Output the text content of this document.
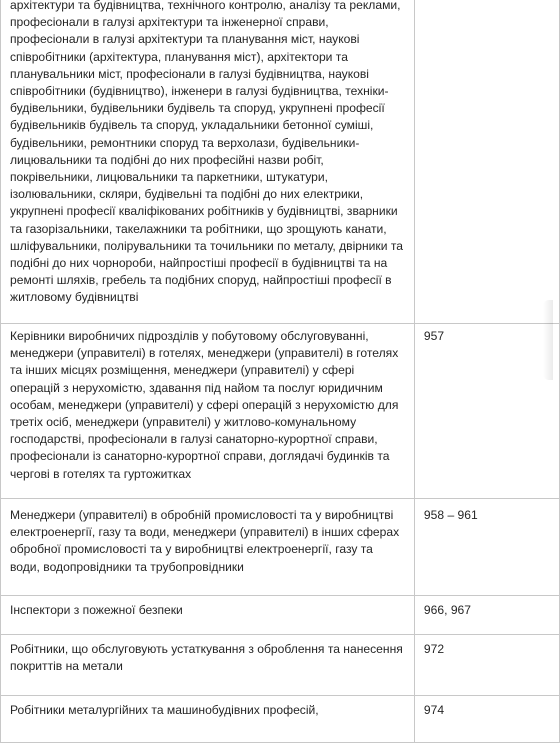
архітектури та будівництва, технічного контролю, аналізу та реклами, професіонали в галузі архітектури та інженерної справи, професіонали в галузі архітектури та планування міст, наукові співробітники (архітектура, планування міст), архітектори та планувальники міст, професіонали в галузі будівництва, наукові співробітники (будівництво), інженери в галузі будівництва, техніки-будівельники, будівельники будівель та споруд, укрупнені професії будівельників будівель та споруд, укладальники бетонної суміші, будівельники, ремонтники споруд та верхолази, будівельники-лицювальники та подібні до них професійні назви робіт, покрівельники, лицювальники та паркетники, штукатури, ізолювальники, скляри, будівельні та подібні до них електрики, укрупнені професії кваліфікованих робітників у будівництві, зварники та газорізальники, такелажники та робітники, що зрощують канати, шліфувальники, полірувальники та точильники по металу, двірники та подібні до них чорнороби, найпростіші професії в будівництві та на ремонті шляхів, гребель та подібних споруд, найпростіші професії в житловому будівництві	

Керівники виробничих підрозділів у побутовому обслуговуванні, менеджери (управителі) в готелях, менеджери (управителі) в готелях та інших місцях розміщення, менеджери (управителі) у сфері операцій з нерухомістю, здавання під найом та послуг юридичним особам, менеджери (управителі) у сфері операцій з нерухомістю для третіх осіб, менеджери (управителі) у житлово-комунальному господарстві, професіонали в галузі санаторно-курортної справи, професіонали із санаторно-курортної справи, доглядачі будинків та чергові в готелях та гуртожитках	957

Менеджери (управителі) в обробній промисловості та у виробництві електроенергії, газу та води, менеджери (управителі) в інших сферах обробної промисловості та у виробництві електроенергії, газу та води, водопровідники та трубопровідники	958 – 961

Інспектори з пожежної безпеки	966, 967

Робітники, що обслуговують устаткування з оброблення та нанесення покриттів на метали	972

Робітники металургійних та машинобудівних професій,	974
